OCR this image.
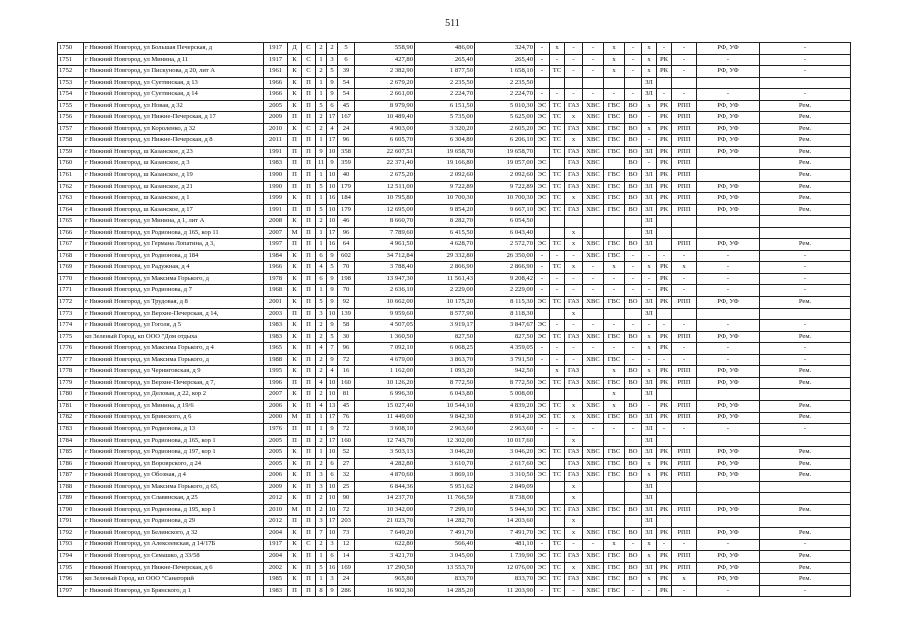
511
1750	г Нижний Новгород, ул Большая Печерская, д	1917	Д	С	2	2	5	558,90	486,00	324,70	-	х	-	-	х	-	х	-	-	РФ, УФ	-
1751	г Нижний Новгород, ул Минина, д 11	1917	К	С	1	3	6	427,80	265,40	265,40	-	-	-	-	х	-	х	РК	-	-	-
1752	г Нижний Новгород, ул Пискунова, д 20, лит А	1961	К	С	2	5	39	2 382,90	1 877,50	1 658,10	-	ТС	-	-	х	-	х	РК	-	РФ, УФ	-
1753	г Нижний Новгород, ул Суетинская, д 13	1966	К	П	1	9	54	2 679,20	2 235,50	2 235,50							ЗЛ				
1754	г Нижний Новгород, ул Суетинская, д 14	1966	К	П	1	9	54	2 661,00	2 224,70	2 224,70	-	-	-	-	-	-	ЗЛ	-	-	-	-
1755	г Нижний Новгород, ул Новая, д 32	2005	К	П	5	6	45	8 979,90	6 151,50	5 010,30	ЭС	ТС	ГАЗ	ХВС	ГВС	ВО	х	РК	РПП	РФ, УФ	Рем.
1756	г Нижний Новгород, ул Нижне-Печерская, д 17	2009	П	П	2	17	167	10 489,40	5 735,00	5 625,00	ЭС	ТС	х	ХВС	ГВС	ВО	-	РК	РПП	РФ, УФ	Рем.
1757	г Нижний Новгород, ул Короленко, д 32	2010	К	С	2	4	24	4 903,00	3 320,20	2 605,20	ЭС	ТС	ГАЗ	ХВС	ГВС	ВО	х	РК	РПП	РФ, УФ	Рем.
1758	г Нижний Новгород, ул Нижне-Печерская, д 8	2011	П	П	1	17	96	6 605,70	6 304,80	6 206,10	ЭС	ТС	х	ХВС	ГВС	ВО	-	РК	РПП	РФ, УФ	Рем.
1759	г Нижний Новгород, ш Казанское, д 23	1991	П	П	9	10	358	22 607,51	19 658,70	19 658,70		ТС	ГАЗ	ХВС	ГВС	ВО	ЗЛ	РК	РПП	РФ, УФ	Рем.
1760	г Нижний Новгород, ш Казанское, д 3	1983	П	П	11	9	359	22 371,40	19 166,80	19 057,00	ЭС		ГАЗ	ХВС		ВО	-	РК	РПП		Рем.
1761	г Нижний Новгород, ш Казанское, д 19	1990	П	П	1	10	40	2 675,20	2 092,60	2 092,60	ЭС	ТС	ГАЗ	ХВС	ГВС	ВО	ЗЛ	РК	РПП		Рем.
1762	г Нижний Новгород, ш Казанское, д 21	1990	П	П	5	10	179	12 511,00	9 722,89	9 722,89	ЭС	ТС	ГАЗ	ХВС	ГВС	ВО	ЗЛ	РК	РПП	РФ, УФ	Рем.
1763	г Нижний Новгород, ш Казанское, д 1	1999	К	П	1	16	184	10 795,80	10 700,30	10 700,30	ЭС	ТС	х	ХВС	ГВС	ВО	ЗЛ	РК	РПП	РФ, УФ	Рем.
1764	г Нижний Новгород, ш Казанское, д 17	1991	П	П	5	10	179	12 695,00	9 854,20	9 667,10	ЭС	ТС	ГАЗ	ХВС	ГВС	ВО	ЗЛ	РК	РПП	РФ, УФ	Рем.
1765	г Нижний Новгород, ул Минина, д 1, лит А	2008	К	П	2	10	46	8 660,70	8 282,70	6 054,50							ЗЛ				
1766	г Нижний Новгород, ул Родионова, д 165, кор 11	2007	М	П	1	17	96	7 789,60	6 415,50	6 043,40			х				ЗЛ				
1767	г Нижний Новгород, ул Германа Лопатина, д 3,	1997	П	П	1	16	64	4 961,50	4 628,70	2 572,70	ЭС	ТС	х	ХВС	ГВС	ВО	ЗЛ		РПП	РФ, УФ	Рем.
1768	г Нижний Новгород, ул Родионова, д 184	1984	К	П	6	9	602	34 712,84	29 332,80	26 350,00	-	-	-	ХВС	ГВС	-	-	-	-	-	-
1769	г Нижний Новгород, ул Радужная, д 4	1966	К	П	4	5	70	3 788,40	2 866,90	2 866,90	-	ТС	х	-	х	-	х	РК	х	-	-
1770	г Нижний Новгород, ул Максима Горького, д	1978	К	П	6	9	198	13 947,30	11 561,43	9 208,42	-	-	-	-	-	-	-	РК	-	-	-
1771	г Нижний Новгород, ул Родионова, д 7	1968	К	П	1	9	70	2 636,10	2 229,00	2 229,00	-	-	-	-	-	-	-	РК	-	-	-
1772	г Нижний Новгород, ул Трудовая, д 8	2001	К	П	5	9	92	10 662,00	10 175,20	8 115,30	ЭС	ТС	ГАЗ	ХВС	ГВС	ВО	ЗЛ	РК	РПП	РФ, УФ	Рем.
1773	г Нижний Новгород, ул Верхне-Печерская, д 14,	2003	П	П	3	10	139	9 959,60	8 577,90	8 118,30			х				ЗЛ				
1774	г Нижний Новгород, ул Гоголя, д 5	1983	К	П	2	9	58	4 507,05	3 919,17	3 847,67	ЭС	-	-	-	-	-	-	-	-	-	-
1775	кп Зеленый Город, кп ООО "Дом отдыха	1983	К	П	2	5	30	1 360,50	827,50	827,50	ЭС	ТС	ГАЗ	ХВС	ГВС	ВО	х	РК	РПП	РФ, УФ	Рем.
1776	г Нижний Новгород, ул Максима Горького, д 4	1965	К	П	4	7	96	7 092,10	6 068,25	4 359,05	-	-	-	-	-	-	х	РК	-	-	-
1777	г Нижний Новгород, ул Максима Горького, д	1988	К	П	2	9	72	4 679,00	3 863,70	3 791,50	-	-	-	ХВС	ГВС	-	-	-	-	-	-
1778	г Нижний Новгород, ул Черниговская, д 9	1995	К	П	2	4	16	1 162,00	1 093,20	942,50		х	ГАЗ		х	ВО	х	РК	РПП	РФ, УФ	Рем.
1779	г Нижний Новгород, ул Верхне-Печерская, д 7,	1996	П	П	4	10	160	10 126,20	8 772,50	8 772,50	ЭС	ТС	ГАЗ	ХВС	ГВС	ВО	ЗЛ	РК	РПП	РФ, УФ	Рем.
1780	г Нижний Новгород, ул Деловая, д 22, кор 2	2007	К	П	2	10	81	6 996,30	6 043,80	5 008,00					х		ЗЛ				
1781	г Нижний Новгород, ул Минина, д 19/6	2006	К	П	4	13	45	15 027,40	10 544,10	4 839,20	ЭС	ТС	х	ХВС	х	ВО	-	РК	РПП	РФ, УФ	Рем.
1782	г Нижний Новгород, ул Бринского, д 6	2000	М	П	1	17	76	11 449,00	9 842,30	8 914,20	ЭС	ТС	х	ХВС	ГВС	ВО	ЗЛ	РК	РПП	РФ, УФ	Рем.
1783	г Нижний Новгород, ул Родионова, д 13	1976	П	П	1	9	72	3 608,10	2 963,60	2 963,60	-	-	-	-	-	-	ЗЛ	-	-	-	-
1784	г Нижний Новгород, ул Родионова, д 165, кор 1	2005	П	П	2	17	160	12 743,70	12 302,00	10 017,60			х				ЗЛ				
1785	г Нижний Новгород, ул Родионова, д 197, кор 1	2005	К	П	1	10	52	3 503,13	3 046,20	3 046,20	ЭС	ТС	ГАЗ	ХВС	ГВС	ВО	ЗЛ	РК	РПП	РФ, УФ	Рем.
1786	г Нижний Новгород, ул Вороврского, д 24	2005	К	П	2	6	27	4 282,80	3 610,70	2 617,60	ЭС		ГАЗ	ХВС	ГВС	ВО	х	РК	РПП	РФ, УФ	Рем.
1787	г Нижний Новгород, ул Обозная, д 4	2006	К	П	3	6	32	4 870,60	3 869,10	3 310,50	ЭС	ТС	ГАЗ	ХВС	ГВС	ВО	х	РК	РПП	РФ, УФ	Рем.
1788	г Нижний Новгород, ул Максима Горького, д 65,	2009	К	П	3	10	25	6 844,36	5 951,62	2 849,09			х				ЗЛ				
1789	г Нижний Новгород, ул Славянская, д 25	2012	К	П	2	10	90	14 237,70	11 766,59	8 738,00			х				ЗЛ				
1790	г Нижний Новгород, ул Родионова, д 195, кор 1	2010	М	П	2	10	72	10 342,00	7 299,10	5 944,30	ЭС	ТС	ГАЗ	ХВС	ГВС	ВО	ЗЛ	РК	РПП	РФ, УФ	Рем.
1791	г Нижний Новгород, ул Родионова, д 29	2012	П	П	3	17	203	21 023,70	14 282,70	14 203,60			х				ЗЛ				
1792	г Нижний Новгород, ул Белинского, д 32	2004	К	П	7	10	73	7 649,20	7 491,70	7 491,70	ЭС	ТС	х	ХВС	ГВС	ВО	ЗЛ	РК	РПП	РФ, УФ	Рем.
1793	г Нижний Новгород, ул Алексеевская, д 14/17Б	1917	К	С	2	3	12	622,80	566,40	481,10	-	ТС	-	-	х	-	х	-	-	-	-
1794	г Нижний Новгород, ул Семашко, д 33/58	2004	К	П	1	6	14	3 421,70	3 045,00	1 739,90	ЭС	ТС	ГАЗ	ХВС	ГВС	ВО	х	РК	РПП	РФ, УФ	Рем.
1795	г Нижний Новгород, ул Нижне-Печерская, д 6	2002	К	П	5	16	169	17 290,50	13 553,70	12 076,00	ЭС	ТС	х	ХВС	ГВС	ВО	ЗЛ	РК	РПП	РФ, УФ	Рем.
1796	кп Зеленый Город, кп ООО "Санаторий	1985	К	П	1	3	24	965,80	833,70	833,70	ЭС	ТС	ГАЗ	ХВС	ГВС	ВО	х	РК	х	РФ, УФ	Рем.
1797	г Нижний Новгород, ул Брянского, д 1	1983	П	П	8	9	286	16 902,30	14 285,20	11 203,90	-	ТС	-	ХВС	ГВС	-	-	РК	-	-	-
